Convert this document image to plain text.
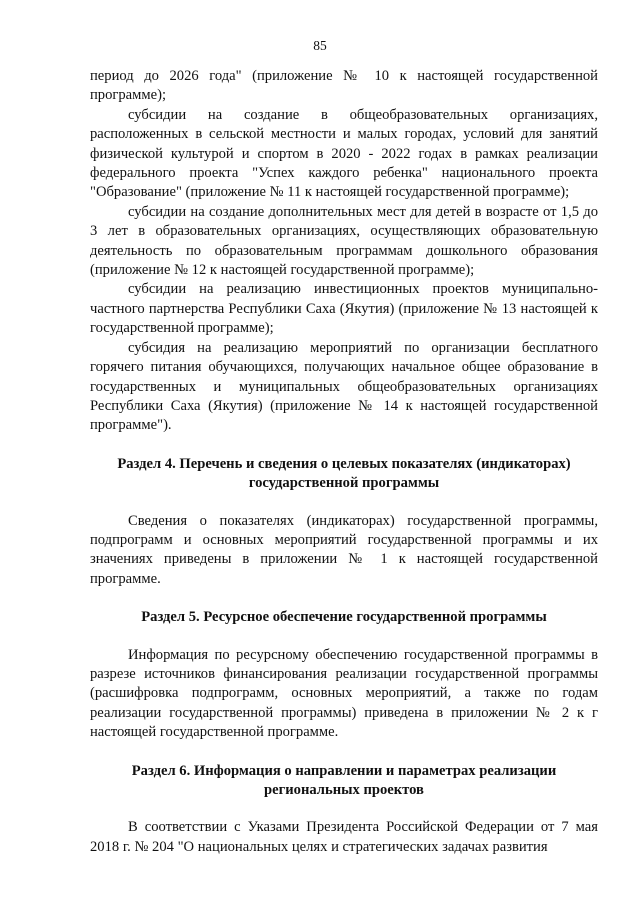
85

период до 2026 года" (приложение № 10 к настоящей государственной программе);

субсидии на создание в общеобразовательных организациях, расположенных в сельской местности и малых городах, условий для занятий физической культурой и спортом в 2020 - 2022 годах в рамках реализации федерального проекта "Успех каждого ребенка" национального проекта "Образование" (приложение № 11 к настоящей государственной программе);

субсидии на создание дополнительных мест для детей в возрасте от 1,5 до 3 лет в образовательных организациях, осуществляющих образовательную деятельность по образовательным программам дошкольного образования (приложение № 12 к настоящей государственной программе);

субсидии на реализацию инвестиционных проектов муниципально-частного партнерства Республики Саха (Якутия) (приложение № 13 настоящей к государственной программе);

субсидия на реализацию мероприятий по организации бесплатного горячего питания обучающихся, получающих начальное общее образование в государственных и муниципальных общеобразовательных организациях Республики Саха (Якутия) (приложение № 14 к настоящей государственной программе").

Раздел 4. Перечень и сведения о целевых показателях (индикаторах) государственной программы

Сведения о показателях (индикаторах) государственной программы, подпрограмм и основных мероприятий государственной программы и их значениях приведены в приложении № 1 к настоящей государственной программе.

Раздел 5. Ресурсное обеспечение государственной программы

Информация по ресурсному обеспечению государственной программы в разрезе источников финансирования реализации государственной программы (расшифровка подпрограмм, основных мероприятий, а также по годам реализации государственной программы) приведена в приложении № 2 к г настоящей государственной программе.

Раздел 6. Информация о направлении и параметрах реализации региональных проектов

В соответствии с Указами Президента Российской Федерации от 7 мая 2018 г. № 204 "О национальных целях и стратегических задачах развития
